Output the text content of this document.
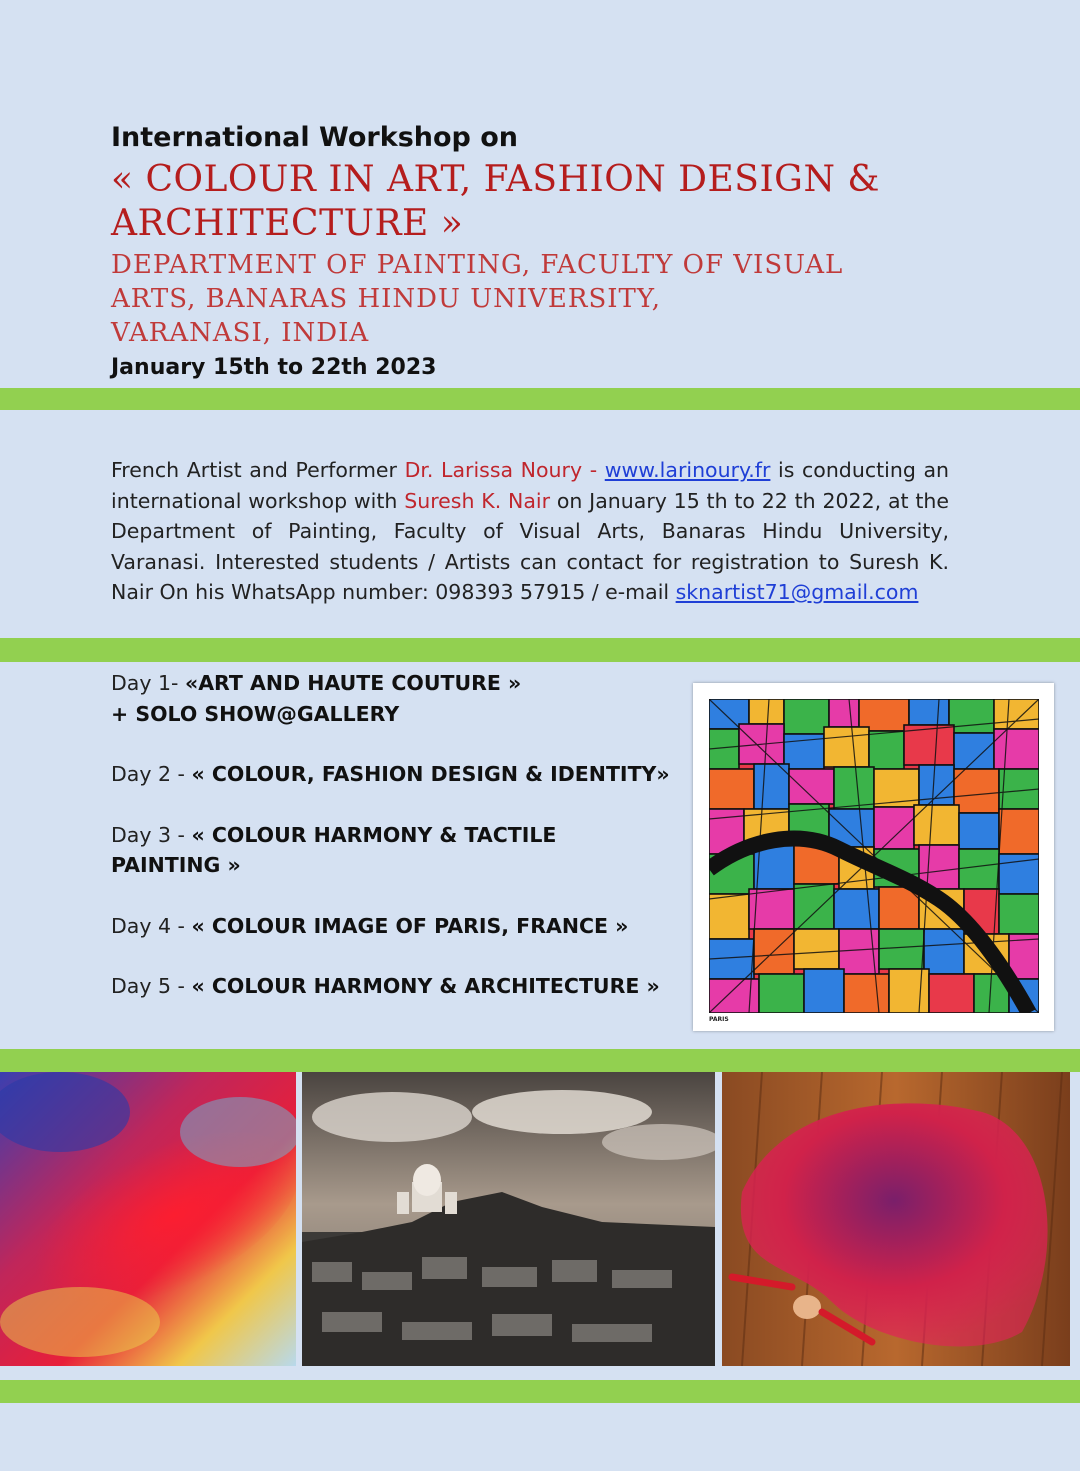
International Workshop on
« COLOUR IN ART, FASHION DESIGN & ARCHITECTURE »
DEPARTMENT OF PAINTING, FACULTY OF VISUAL
ARTS, BANARAS HINDU UNIVERSITY,
VARANASI, INDIA
January 15th to 22th 2023
French Artist and Performer Dr. Larissa Noury - www.larinoury.fr is conducting an international workshop with Suresh K. Nair on January 15 th to 22 th 2022, at the Department of Painting, Faculty of Visual Arts, Banaras Hindu University, Varanasi. Interested students / Artists can contact for registration to Suresh K. Nair On his WhatsApp number: 098393 57915 / e-mail sknartist71@gmail.com
Day 1- «ART AND HAUTE COUTURE »
+ SOLO SHOW@GALLERY
Day 2 - « COLOUR, FASHION DESIGN & IDENTITY»
Day 3 - « COLOUR HARMONY & TACTILE PAINTING »
Day 4 - « COLOUR IMAGE OF PARIS, FRANCE »
Day 5 - « COLOUR HARMONY & ARCHITECTURE »
PARIS
